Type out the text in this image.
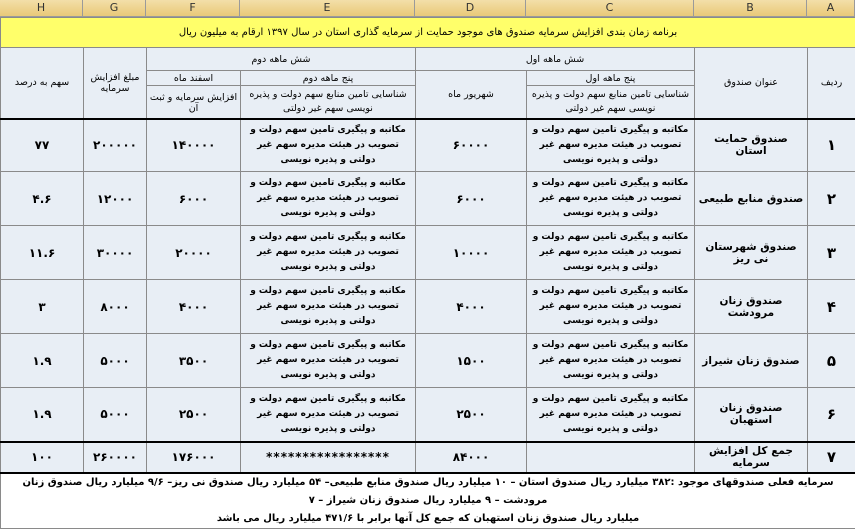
H	G	F	E	D	C	B	A
برنامه زمان بندی افزایش سرمایه صندوق های موجود حمایت از سرمایه گذاری استان در سال ۱۳۹۷ ارقام به میلیون ریال							
سهم به درصد	مبلغ افزایش سرمایه	شش ماهه دوم		شش ماهه اول		عنوان صندوق	ردیف
		اسفند ماه	پنج ماهه دوم	شهریور ماه	پنج ماهه اول		
		افزایش سرمایه و ثبت آن	شناسایی تامین منابع سهم دولت و پذیره نویسی سهم غیر دولتی		شناسایی تامین منابع سهم دولت و پذیره نویسی سهم غیر دولتی		

۷۷	۲۰۰۰۰۰	۱۴۰۰۰۰	مکاتبه و پیگیری تامین سهم دولت و تصویب در هیئت مدیره سهم غیر دولتی و پذیره نویسی	۶۰۰۰۰	مکاتبه و پیگیری تامین سهم دولت و تصویب در هیئت مدیره سهم غیر دولتی و پذیره نویسی	صندوق حمایت استان	۱
۴.۶	۱۲۰۰۰	۶۰۰۰	مکاتبه و پیگیری تامین سهم دولت و تصویب در هیئت مدیره سهم غیر دولتی و پذیره نویسی	۶۰۰۰	مکاتبه و پیگیری تامین سهم دولت و تصویب در هیئت مدیره سهم غیر دولتی و پذیره نویسی	صندوق منابع طبیعی	۲
۱۱.۶	۳۰۰۰۰	۲۰۰۰۰	مکاتبه و پیگیری تامین سهم دولت و تصویب در هیئت مدیره سهم غیر دولتی و پذیره نویسی	۱۰۰۰۰	مکاتبه و پیگیری تامین سهم دولت و تصویب در هیئت مدیره سهم غیر دولتی و پذیره نویسی	صندوق شهرستان نی ریز	۳
۳	۸۰۰۰	۴۰۰۰	مکاتبه و پیگیری تامین سهم دولت و تصویب در هیئت مدیره سهم غیر دولتی و پذیره نویسی	۴۰۰۰	مکاتبه و پیگیری تامین سهم دولت و تصویب در هیئت مدیره سهم غیر دولتی و پذیره نویسی	صندوق زنان مرودشت	۴
۱.۹	۵۰۰۰	۳۵۰۰	مکاتبه و پیگیری تامین سهم دولت و تصویب در هیئت مدیره سهم غیر دولتی و پذیره نویسی	۱۵۰۰	مکاتبه و پیگیری تامین سهم دولت و تصویب در هیئت مدیره سهم غیر دولتی و پذیره نویسی	صندوق زنان شیراز	۵
۱.۹	۵۰۰۰	۲۵۰۰	مکاتبه و پیگیری تامین سهم دولت و تصویب در هیئت مدیره سهم غیر دولتی و پذیره نویسی	۲۵۰۰	مکاتبه و پیگیری تامین سهم دولت و تصویب در هیئت مدیره سهم غیر دولتی و پذیره نویسی	صندوق زنان استهبان	۶
۱۰۰	۲۶۰۰۰۰	۱۷۶۰۰۰	*****************	۸۴۰۰۰		جمع کل افزایش سرمایه	۷

سرمایه فعلی صندوقهای موجود :۳۸۲ میلیارد ریال صندوق استان – ۱۰ میلیارد ریال صندوق منابع طبیعی– ۵۴ میلیارد ریال صندوق نی ریز– ۹/۶ میلیارد ریال صندوق زنان مرودشت – ۹ میلیارد ریال صندوق زنان شیراز – ۷
میلیارد ریال صندوق زنان استهبان که جمع کل آنها برابر با ۴۷۱/۶ میلیارد ریال می باشد							
